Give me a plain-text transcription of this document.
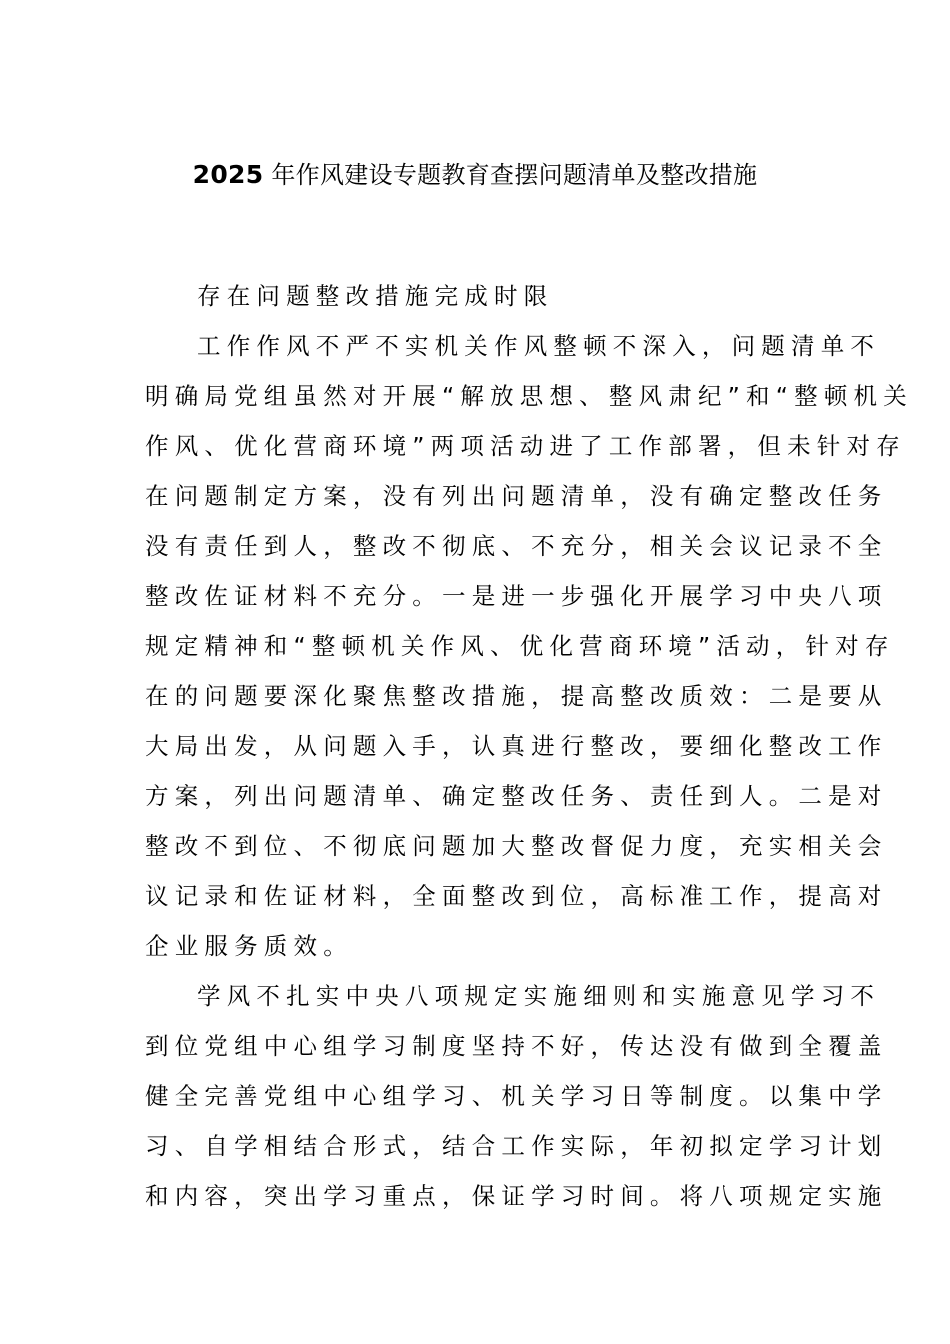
2025 年作风建设专题教育查摆问题清单及整改措施
存在问题整改措施完成时限
工作作风不严不实机关作风整顿不深入，问题清单不
明确局党组虽然对开展“解放思想、整风肃纪”和“整顿机关
作风、优化营商环境”两项活动进了工作部署，但未针对存
在问题制定方案，没有列出问题清单，没有确定整改任务
没有责任到人，整改不彻底、不充分，相关会议记录不全
整改佐证材料不充分。一是进一步强化开展学习中央八项
规定精神和“整顿机关作风、优化营商环境”活动，针对存
在的问题要深化聚焦整改措施，提高整改质效：二是要从
大局出发，从问题入手，认真进行整改，要细化整改工作
方案，列出问题清单、确定整改任务、责任到人。二是对
整改不到位、不彻底问题加大整改督促力度，充实相关会
议记录和佐证材料，全面整改到位，高标准工作，提高对
企业服务质效。
学风不扎实中央八项规定实施细则和实施意见学习不
到位党组中心组学习制度坚持不好，传达没有做到全覆盖
健全完善党组中心组学习、机关学习日等制度。以集中学
习、自学相结合形式，结合工作实际，年初拟定学习计划
和内容，突出学习重点，保证学习时间。将八项规定实施
